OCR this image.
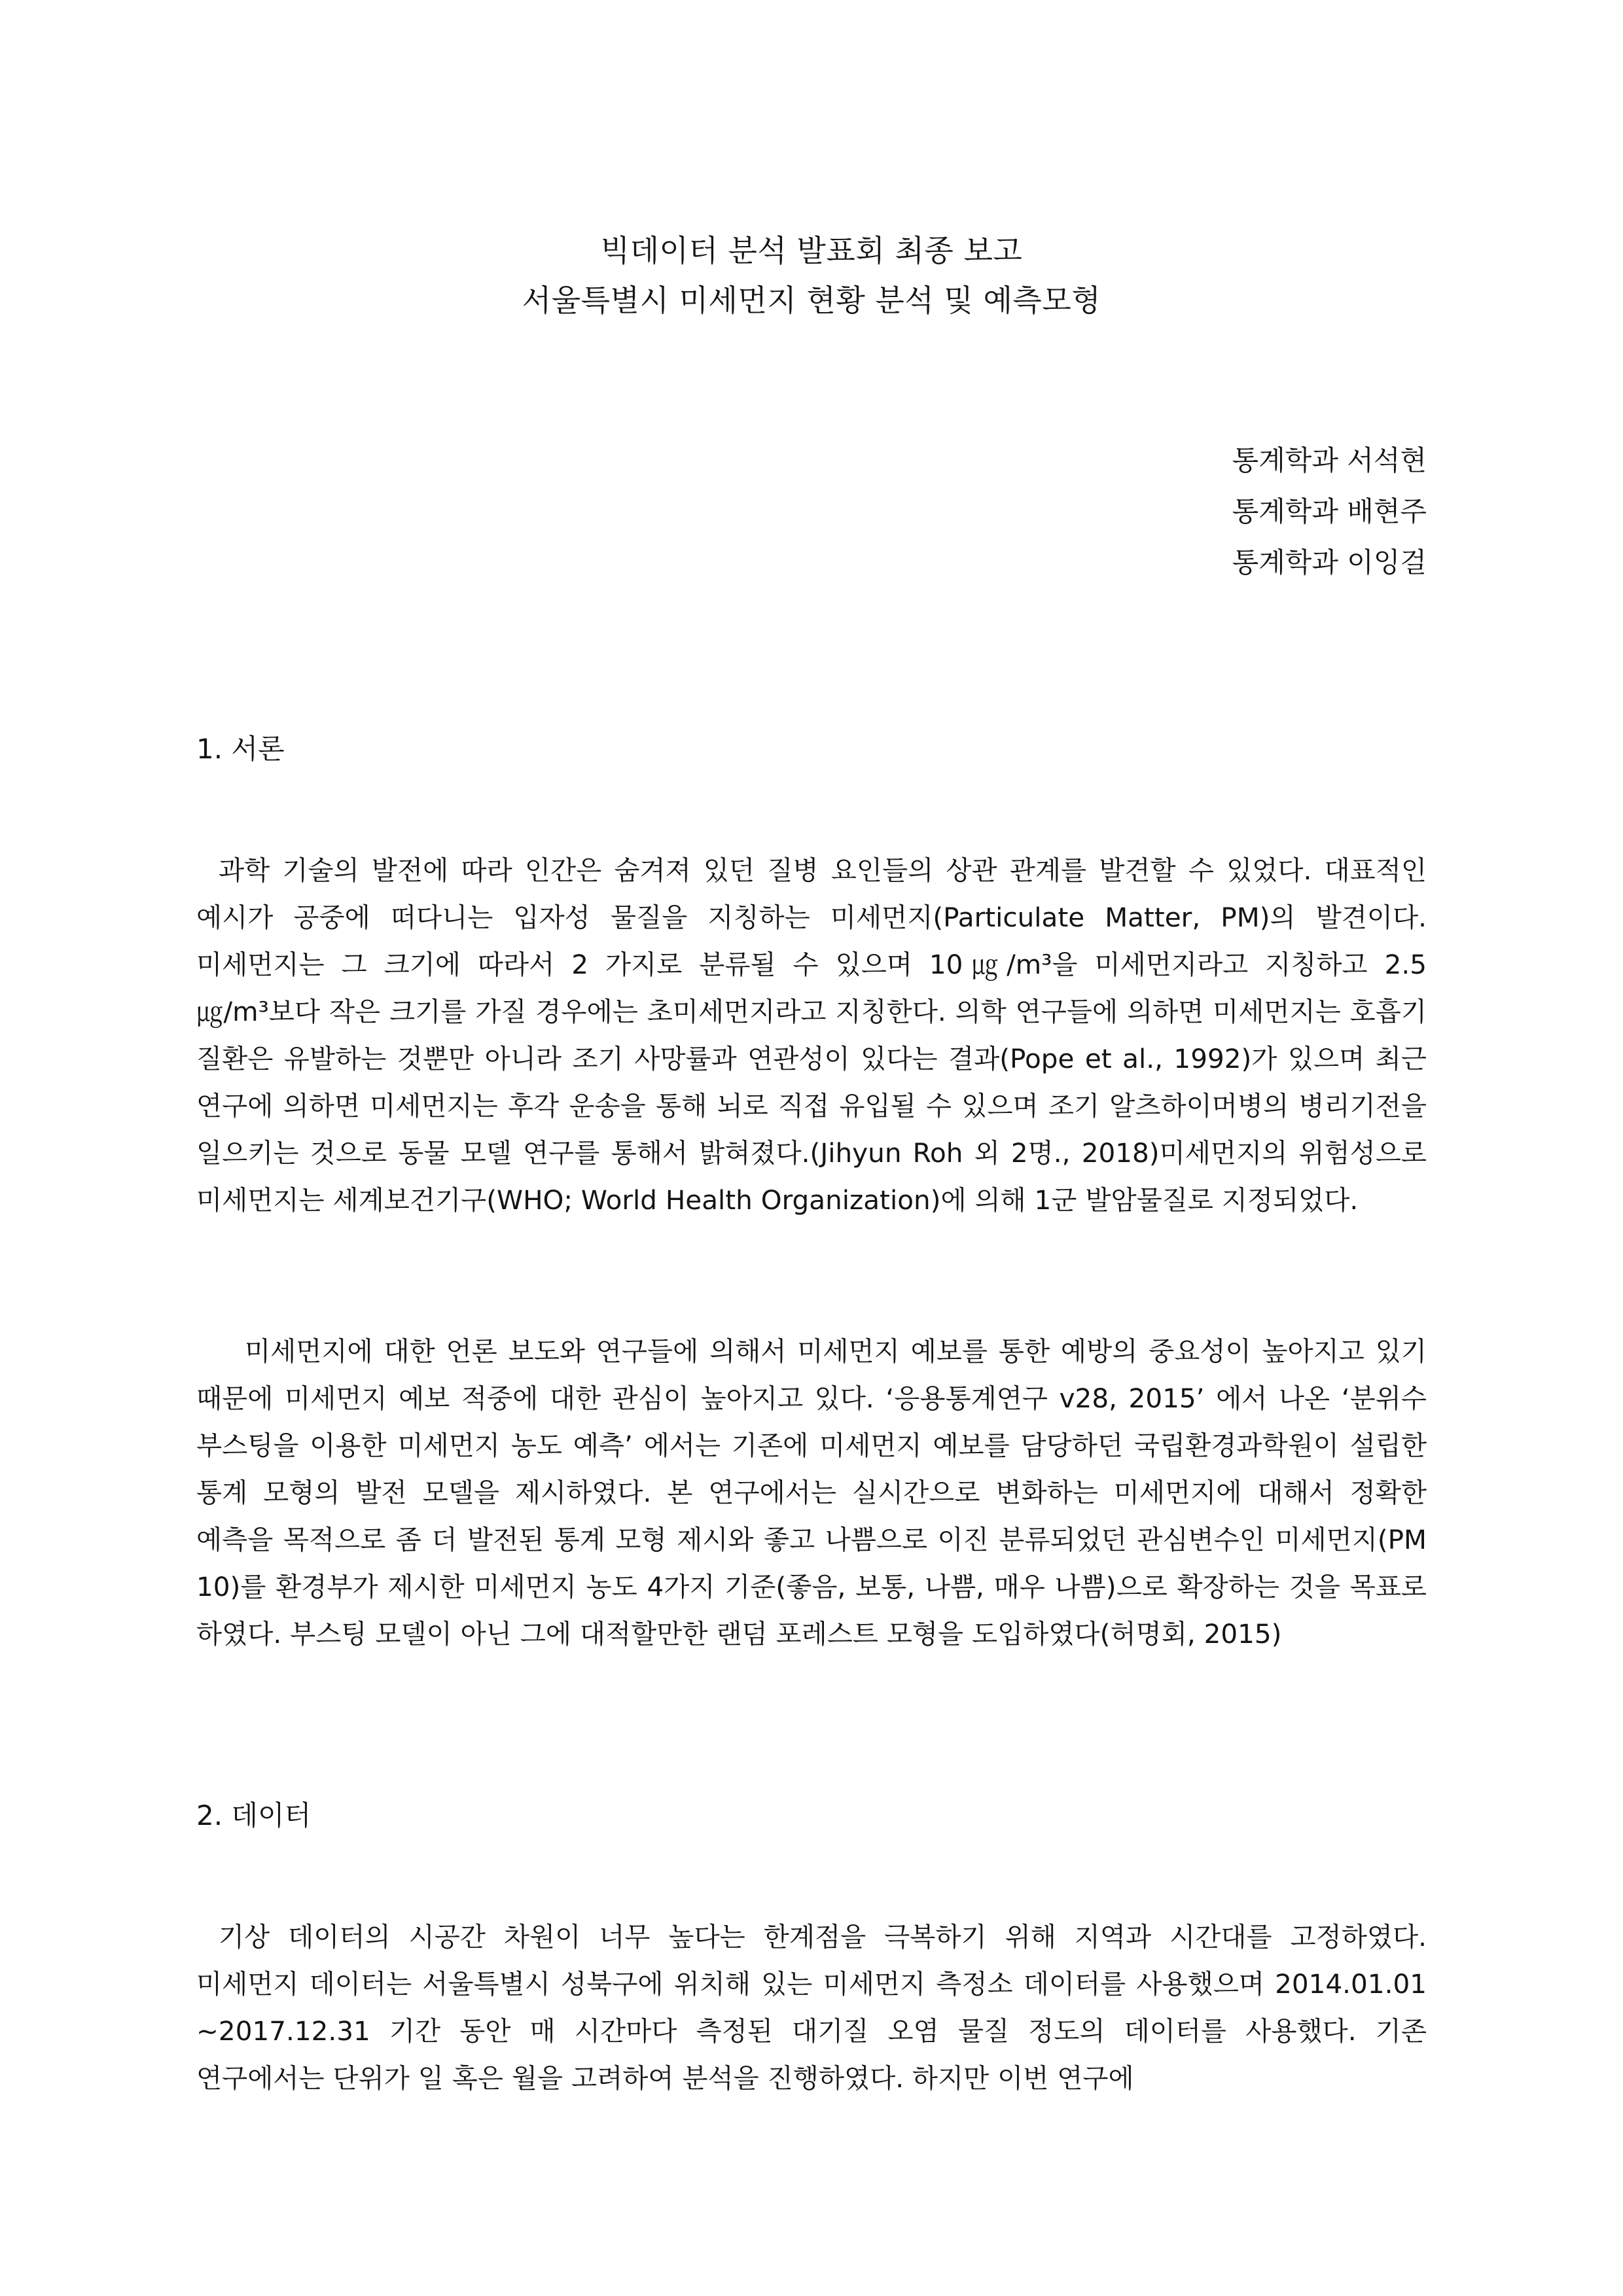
빅데이터 분석 발표회 최종 보고
서울특별시 미세먼지 현황 분석 및 예측모형
통계학과 서석현
통계학과 배현주
통계학과 이잉걸
1. 서론

과학 기술의 발전에 따라 인간은 숨겨져 있던 질병 요인들의 상관 관계를 발견할 수 있었다. 대표적인 예시가 공중에 떠다니는 입자성 물질을 지칭하는 미세먼지(Particulate Matter, PM)의 발견이다. 미세먼지는 그 크기에 따라서 2 가지로 분류될 수 있으며 10㎍/m³을 미세먼지라고 지칭하고 2.5㎍/m³보다 작은 크기를 가질 경우에는 초미세먼지라고 지칭한다. 의학 연구들에 의하면 미세먼지는 호흡기 질환은 유발하는 것뿐만 아니라 조기 사망률과 연관성이 있다는 결과(Pope et al., 1992)가 있으며 최근 연구에 의하면 미세먼지는 후각 운송을 통해 뇌로 직접 유입될 수 있으며 조기 알츠하이머병의 병리기전을 일으키는 것으로 동물 모델 연구를 통해서 밝혀졌다.(Jihyun Roh 외 2명., 2018)미세먼지의 위험성으로 미세먼지는 세계보건기구(WHO; World Health Organization)에 의해 1군 발암물질로 지정되었다.

미세먼지에 대한 언론 보도와 연구들에 의해서 미세먼지 예보를 통한 예방의 중요성이 높아지고 있기 때문에 미세먼지 예보 적중에 대한 관심이 높아지고 있다. ‘응용통계연구 v28, 2015’ 에서 나온 ‘분위수 부스팅을 이용한 미세먼지 농도 예측’ 에서는 기존에 미세먼지 예보를 담당하던 국립환경과학원이 설립한 통계 모형의 발전 모델을 제시하였다. 본 연구에서는 실시간으로 변화하는 미세먼지에 대해서 정확한 예측을 목적으로 좀 더 발전된 통계 모형 제시와 좋고 나쁨으로 이진 분류되었던 관심변수인 미세먼지(PM 10)를 환경부가 제시한 미세먼지 농도 4가지 기준(좋음, 보통, 나쁨, 매우 나쁨)으로 확장하는 것을 목표로 하였다. 부스팅 모델이 아닌 그에 대적할만한 랜덤 포레스트 모형을 도입하였다(허명회, 2015)

2. 데이터

기상 데이터의 시공간 차원이 너무 높다는 한계점을 극복하기 위해 지역과 시간대를 고정하였다. 미세먼지 데이터는 서울특별시 성북구에 위치해 있는 미세먼지 측정소 데이터를 사용했으며 2014.01.01 ~2017.12.31 기간 동안 매 시간마다 측정된 대기질 오염 물질 정도의 데이터를 사용했다. 기존 연구에서는 단위가 일 혹은 월을 고려하여 분석을 진행하였다. 하지만 이번 연구에
